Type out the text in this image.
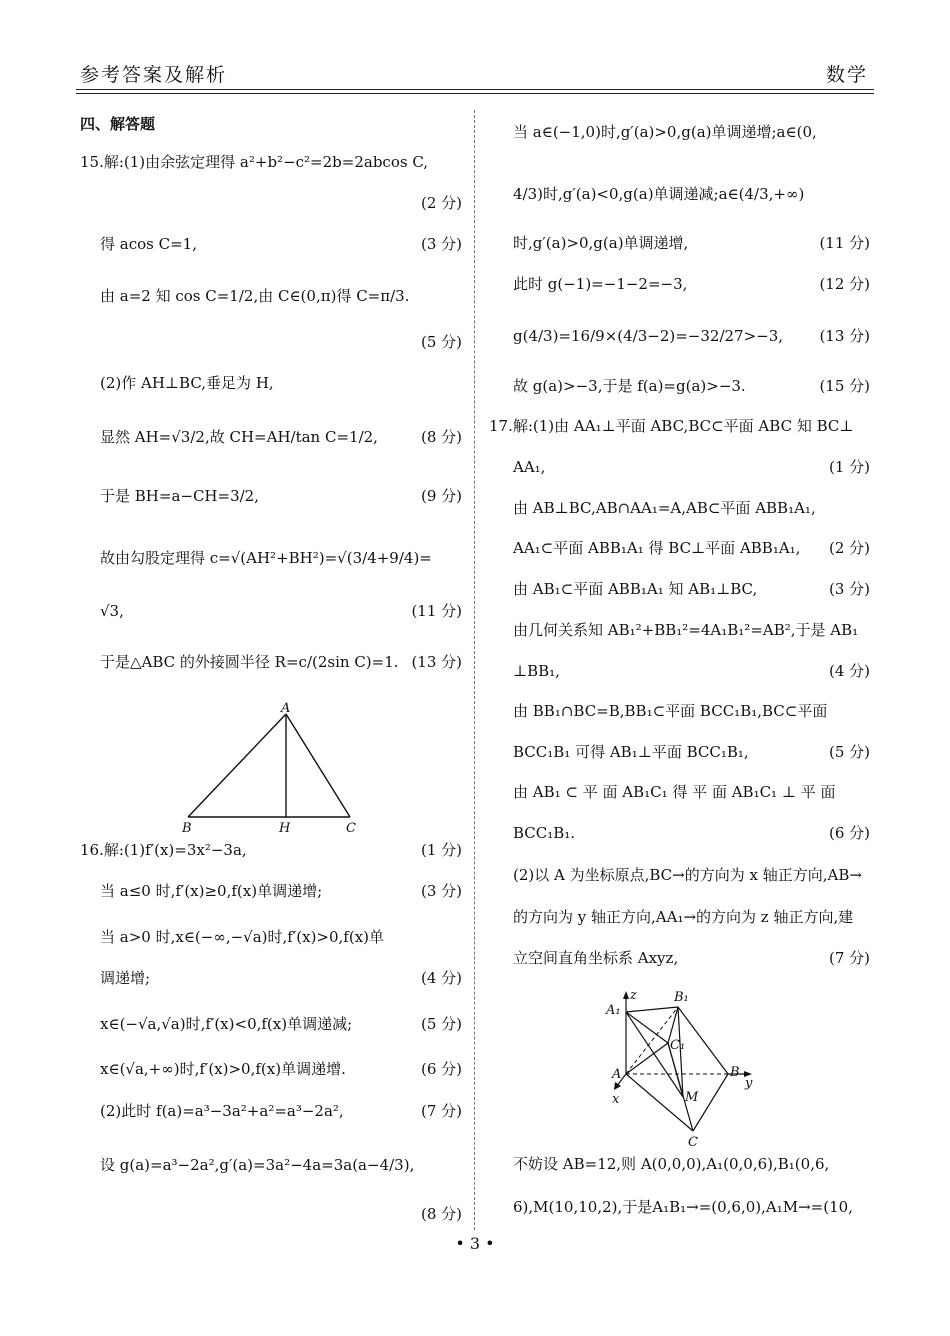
参考答案及解析	数学
四、解答题
15.解:(1)由余弦定理得 a²+b²−c²=2b=2abcos C,
(2 分)
得 acos C=1,	(3 分)
由 a=2 知 cos C=1/2,由 C∈(0,π)得 C=π/3.
(5 分)
(2)作 AH⊥BC,垂足为 H,
显然 AH=√3/2,故 CH=AH/tan C=1/2,	(8 分)
于是 BH=a−CH=3/2,	(9 分)
故由勾股定理得 c=√(AH²+BH²)=√(3/4+9/4)=
√3,	(11 分)
于是△ABC 的外接圆半径 R=c/(2sin C)=1. (13 分)
A
B	H	C
16.解:(1)f′(x)=3x²−3a,	(1 分)
当 a≤0 时,f′(x)≥0,f(x)单调递增;	(3 分)
当 a>0 时,x∈(−∞,−√a)时,f′(x)>0,f(x)单
调递增;	(4 分)
x∈(−√a,√a)时,f′(x)<0,f(x)单调递减;	(5 分)
x∈(√a,+∞)时,f′(x)>0,f(x)单调递增.	(6 分)
(2)此时 f(a)=a³−3a²+a²=a³−2a²,	(7 分)
设 g(a)=a³−2a²,g′(a)=3a²−4a=3a(a−4/3),
(8 分)
当 a∈(−1,0)时,g′(a)>0,g(a)单调递增;a∈(0,
4/3)时,g′(a)<0,g(a)单调递减;a∈(4/3,+∞)
时,g′(a)>0,g(a)单调递增,	(11 分)
此时 g(−1)=−1−2=−3,	(12 分)
g(4/3)=16/9×(4/3−2)=−32/27>−3, (13 分)
故 g(a)>−3,于是 f(a)=g(a)>−3.	(15 分)
17.解:(1)由 AA₁⊥平面 ABC,BC⊂平面 ABC 知 BC⊥
AA₁,	(1 分)
由 AB⊥BC,AB∩AA₁=A,AB⊂平面 ABB₁A₁,
AA₁⊂平面 ABB₁A₁ 得 BC⊥平面 ABB₁A₁, (2 分)
由 AB₁⊂平面 ABB₁A₁ 知 AB₁⊥BC,	(3 分)
由几何关系知 AB₁²+BB₁²=4A₁B₁²=AB²,于是 AB₁
⊥BB₁,	(4 分)
由 BB₁∩BC=B,BB₁⊂平面 BCC₁B₁,BC⊂平面
BCC₁B₁ 可得 AB₁⊥平面 BCC₁B₁,	(5 分)
由 AB₁ ⊂ 平 面 AB₁C₁ 得 平 面 AB₁C₁ ⊥ 平 面
BCC₁B₁.	(6 分)
(2)以 A 为坐标原点,BC→的方向为 x 轴正方向,AB→
的方向为 y 轴正方向,AA₁→的方向为 z 轴正方向,建
立空间直角坐标系 Axyz,	(7 分)
z	B₁
A₁
C₁
A	B
y
x	M
C
不妨设 AB=12,则 A(0,0,0),A₁(0,0,6),B₁(0,6,
6),M(10,10,2),于是A₁B₁→=(0,6,0),A₁M→=(10,
• 3 •
